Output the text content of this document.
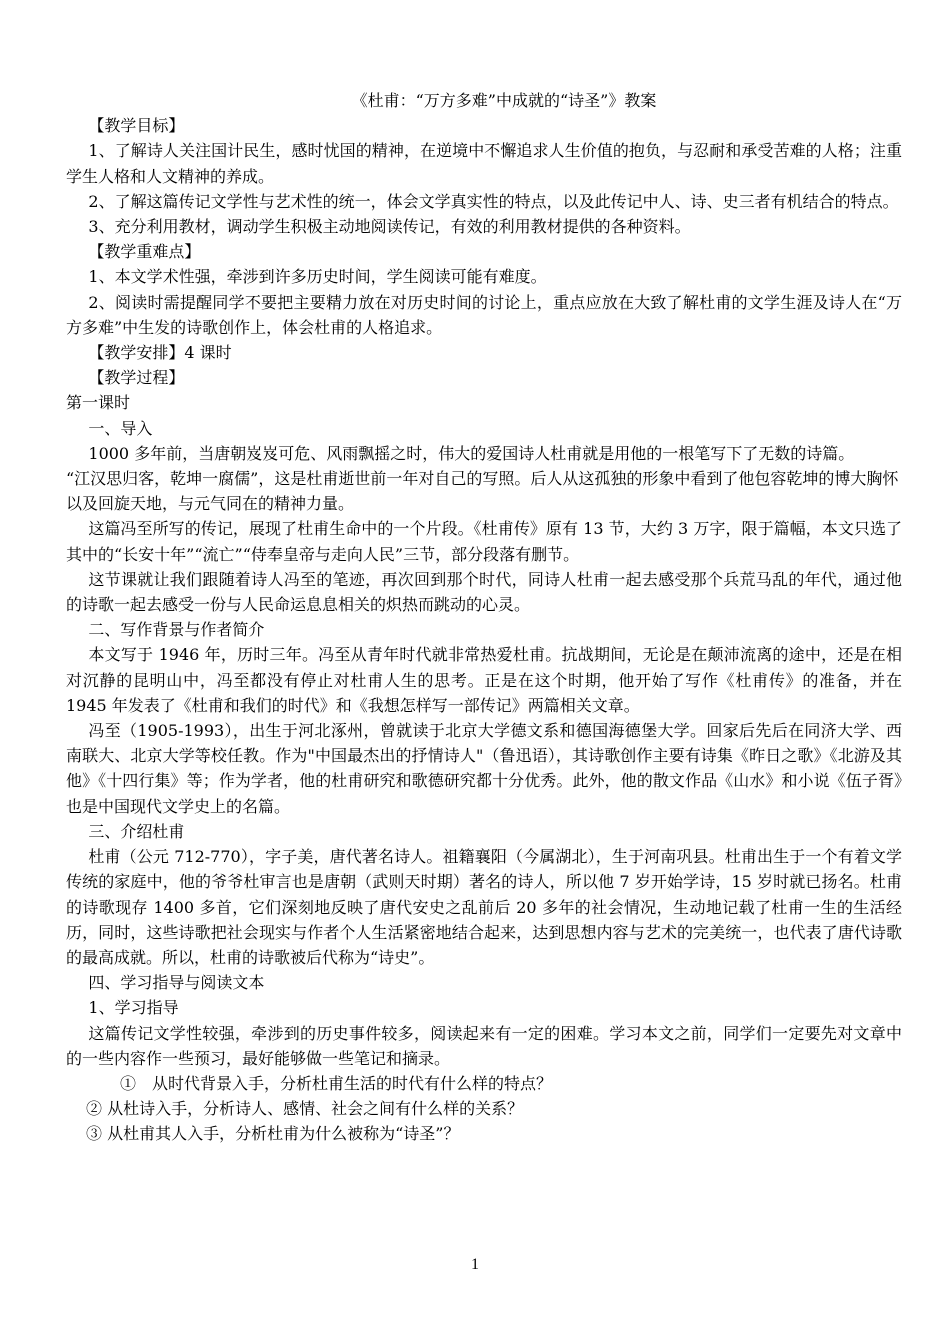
《杜甫：“万方多难”中成就的“诗圣”》教案

【教学目标】

1、了解诗人关注国计民生，感时忧国的精神，在逆境中不懈追求人生价值的抱负，与忍耐和承受苦难的人格；注重学生人格和人文精神的养成。

2、了解这篇传记文学性与艺术性的统一，体会文学真实性的特点，以及此传记中人、诗、史三者有机结合的特点。

3、充分利用教材，调动学生积极主动地阅读传记，有效的利用教材提供的各种资料。

【教学重难点】

1、本文学术性强，牵涉到许多历史时间，学生阅读可能有难度。

2、阅读时需提醒同学不要把主要精力放在对历史时间的讨论上，重点应放在大致了解杜甫的文学生涯及诗人在“万方多难”中生发的诗歌创作上，体会杜甫的人格追求。

【教学安排】4 课时

【教学过程】

第一课时

一、导入

1000 多年前，当唐朝岌岌可危、风雨飘摇之时，伟大的爱国诗人杜甫就是用他的一根笔写下了无数的诗篇。

“江汉思归客，乾坤一腐儒”，这是杜甫逝世前一年对自己的写照。后人从这孤独的形象中看到了他包容乾坤的博大胸怀以及回旋天地，与元气同在的精神力量。

这篇冯至所写的传记，展现了杜甫生命中的一个片段。《杜甫传》原有 13 节，大约 3 万字，限于篇幅，本文只选了其中的“长安十年”“流亡”“侍奉皇帝与走向人民”三节，部分段落有删节。

这节课就让我们跟随着诗人冯至的笔迹，再次回到那个时代，同诗人杜甫一起去感受那个兵荒马乱的年代，通过他的诗歌一起去感受一份与人民命运息息相关的炽热而跳动的心灵。

二、写作背景与作者简介

本文写于 1946 年，历时三年。冯至从青年时代就非常热爱杜甫。抗战期间，无论是在颠沛流离的途中，还是在相对沉静的昆明山中，冯至都没有停止对杜甫人生的思考。正是在这个时期，他开始了写作《杜甫传》的准备，并在 1945 年发表了《杜甫和我们的时代》和《我想怎样写一部传记》两篇相关文章。

冯至（1905-1993），出生于河北涿州，曾就读于北京大学德文系和德国海德堡大学。回家后先后在同济大学、西南联大、北京大学等校任教。作为"中国最杰出的抒情诗人"（鲁迅语），其诗歌创作主要有诗集《昨日之歌》《北游及其他》《十四行集》等；作为学者，他的杜甫研究和歌德研究都十分优秀。此外，他的散文作品《山水》和小说《伍子胥》也是中国现代文学史上的名篇。

三、介绍杜甫

杜甫（公元 712-770），字子美，唐代著名诗人。祖籍襄阳（今属湖北），生于河南巩县。杜甫出生于一个有着文学传统的家庭中，他的爷爷杜审言也是唐朝（武则天时期）著名的诗人，所以他 7 岁开始学诗，15 岁时就已扬名。杜甫的诗歌现存 1400 多首，它们深刻地反映了唐代安史之乱前后 20 多年的社会情况，生动地记载了杜甫一生的生活经历，同时，这些诗歌把社会现实与作者个人生活紧密地结合起来，达到思想内容与艺术的完美统一，也代表了唐代诗歌的最高成就。所以，杜甫的诗歌被后代称为“诗史”。

四、学习指导与阅读文本

1、学习指导

这篇传记文学性较强，牵涉到的历史事件较多，阅读起来有一定的困难。学习本文之前，同学们一定要先对文章中的一些内容作一些预习，最好能够做一些笔记和摘录。

①　从时代背景入手，分析杜甫生活的时代有什么样的特点？

② 从杜诗入手，分析诗人、感情、社会之间有什么样的关系？

③ 从杜甫其人入手，分析杜甫为什么被称为“诗圣”？

1
